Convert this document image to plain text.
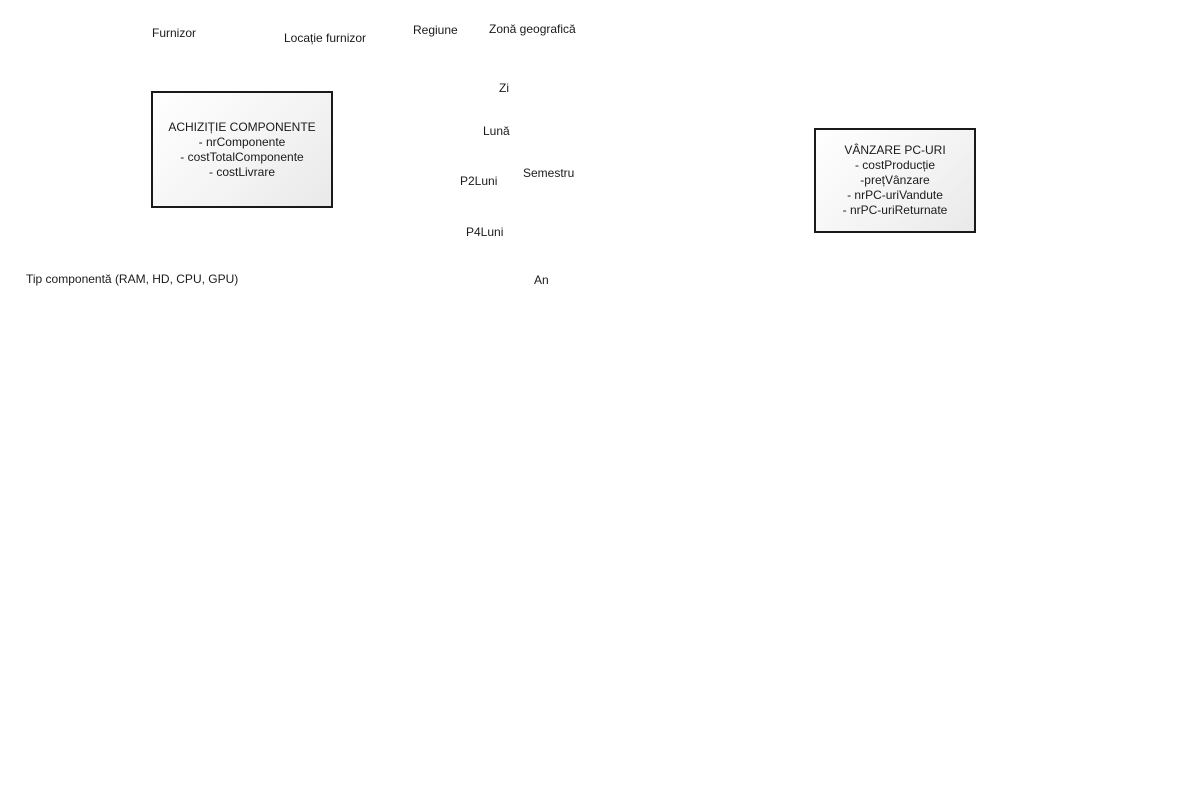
Furnizor	Locație furnizor
Regiune	Zonă geografică
Zi
Lună
Semestru
P2Luni
P4Luni
An
Tip componentă (RAM, HD, CPU, GPU)
ACHIZIȚIE COMPONENTE
- nrComponente
- costTotalComponente
- costLivrare
VÂNZARE PC-URI
- costProducție
-prețVânzare
- nrPC-uriVandute
- nrPC-uriReturnate
